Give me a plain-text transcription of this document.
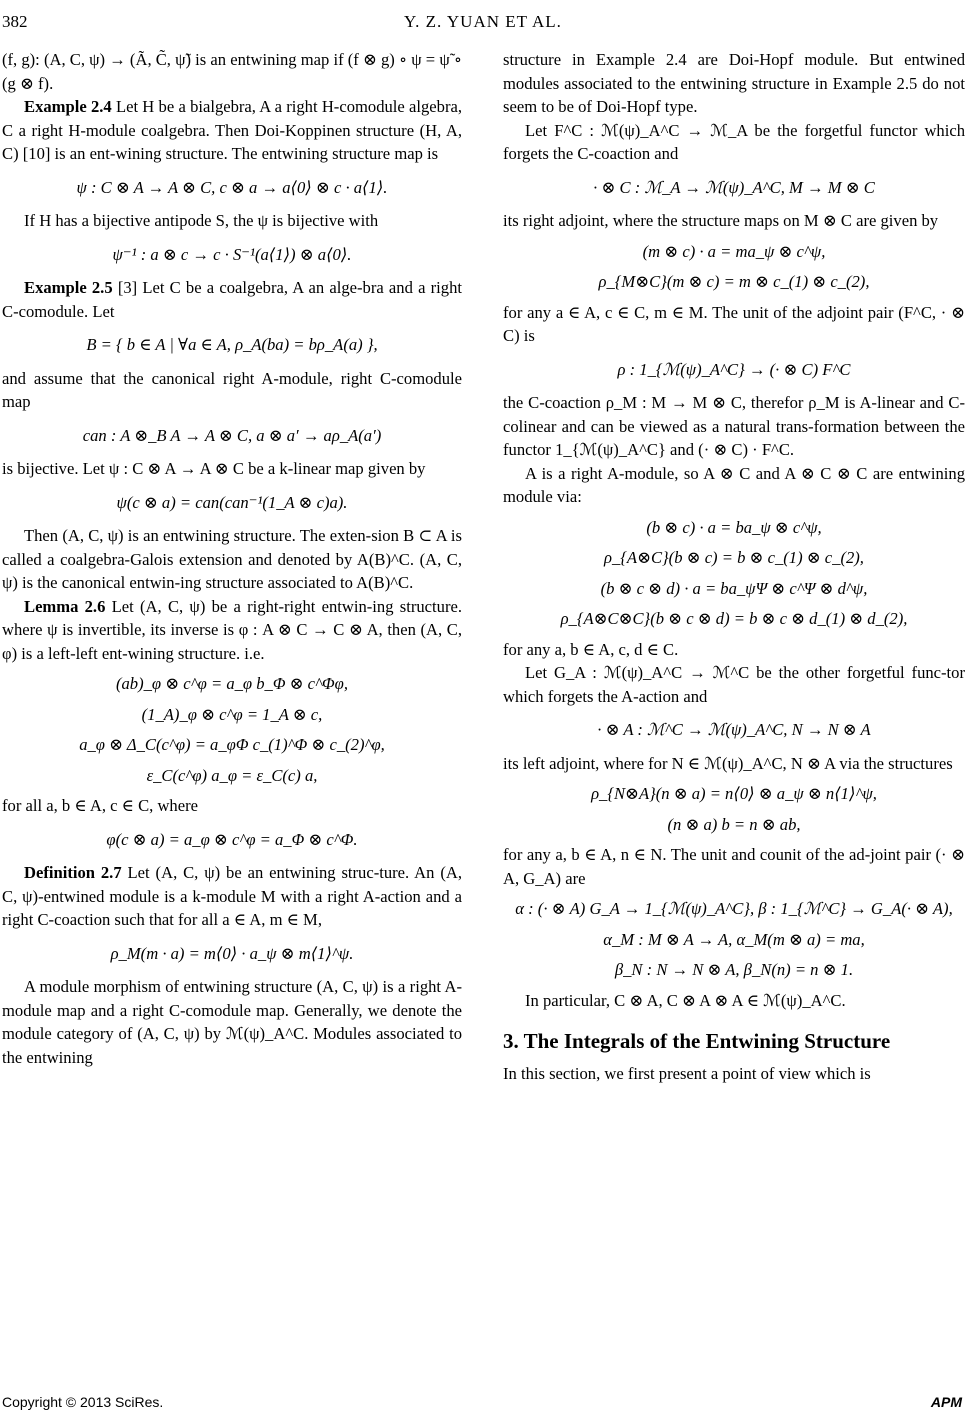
382	Y. Z. YUAN ET AL.

(f, g): (A, C, ψ) → (Ã, C̃, ψ̃) is an entwining map if (f ⊗ g) ∘ ψ = ψ̃ ∘ (g ⊗ f).

Example 2.4 Let H be a bialgebra, A a right H-comodule algebra, C a right H-module coalgebra. Then Doi-Koppinen structure (H, A, C) [10] is an ent-wining structure. The entwining structure map is

ψ : C ⊗ A → A ⊗ C, c ⊗ a → a⟨0⟩ ⊗ c · a⟨1⟩.

If H has a bijective antipode S, the ψ is bijective with

ψ⁻¹ : a ⊗ c → c · S⁻¹(a⟨1⟩) ⊗ a⟨0⟩.

Example 2.5 [3] Let C be a coalgebra, A an alge-bra and a right C-comodule. Let

B = { b ∈ A | ∀a ∈ A, ρ_A(ba) = bρ_A(a) },

and assume that the canonical right A-module, right C-comodule map

can : A ⊗_B A → A ⊗ C, a ⊗ a′ → aρ_A(a′)

is bijective. Let ψ : C ⊗ A → A ⊗ C be a k-linear map given by

ψ(c ⊗ a) = can(can⁻¹(1_A ⊗ c)a).

Then (A, C, ψ) is an entwining structure. The exten-sion B ⊂ A is called a coalgebra-Galois extension and denoted by A(B)^C. (A, C, ψ) is the canonical entwin-ing structure associated to A(B)^C.

Lemma 2.6 Let (A, C, ψ) be a right-right entwin-ing structure. where ψ is invertible, its inverse is φ : A ⊗ C → C ⊗ A, then (A, C, φ) is a left-left ent-wining structure. i.e.

(ab)_φ ⊗ c^φ = a_φ b_Φ ⊗ c^Φφ,
(1_A)_φ ⊗ c^φ = 1_A ⊗ c,
a_φ ⊗ Δ_C(c^φ) = a_φΦ c_(1)^Φ ⊗ c_(2)^φ,
ε_C(c^φ) a_φ = ε_C(c) a,

for all a, b ∈ A, c ∈ C, where

φ(c ⊗ a) = a_φ ⊗ c^φ = a_Φ ⊗ c^Φ.

Definition 2.7 Let (A, C, ψ) be an entwining struc-ture. An (A, C, ψ)-entwined module is a k-module M with a right A-action and a right C-coaction such that for all a ∈ A, m ∈ M,

ρ_M(m · a) = m⟨0⟩ · a_ψ ⊗ m⟨1⟩^ψ.

A module morphism of entwining structure (A, C, ψ) is a right A-module map and a right C-comodule map. Generally, we denote the module category of (A, C, ψ) by ℳ(ψ)_A^C. Modules associated to the entwining

structure in Example 2.4 are Doi-Hopf module. But entwined modules associated to the entwining structure in Example 2.5 do not seem to be of Doi-Hopf type.

Let F^C : ℳ(ψ)_A^C → ℳ_A be the forgetful functor which forgets the C-coaction and

· ⊗ C : ℳ_A → ℳ(ψ)_A^C, M → M ⊗ C

its right adjoint, where the structure maps on M ⊗ C are given by

(m ⊗ c) · a = ma_ψ ⊗ c^ψ,
ρ_{M⊗C}(m ⊗ c) = m ⊗ c_(1) ⊗ c_(2),

for any a ∈ A, c ∈ C, m ∈ M. The unit of the adjoint pair (F^C, · ⊗ C) is

ρ : 1_{ℳ(ψ)_A^C} → (· ⊗ C) F^C

the C-coaction ρ_M : M → M ⊗ C, therefor ρ_M is A-linear and C-colinear and can be viewed as a natural trans-formation between the functor 1_{ℳ(ψ)_A^C} and (· ⊗ C) · F^C.

A is a right A-module, so A ⊗ C and A ⊗ C ⊗ C are entwining module via:

(b ⊗ c) · a = ba_ψ ⊗ c^ψ,
ρ_{A⊗C}(b ⊗ c) = b ⊗ c_(1) ⊗ c_(2),
(b ⊗ c ⊗ d) · a = ba_ψΨ ⊗ c^Ψ ⊗ d^ψ,
ρ_{A⊗C⊗C}(b ⊗ c ⊗ d) = b ⊗ c ⊗ d_(1) ⊗ d_(2),

for any a, b ∈ A, c, d ∈ C.

Let G_A : ℳ(ψ)_A^C → ℳ^C be the other forgetful func-tor which forgets the A-action and

· ⊗ A : ℳ^C → ℳ(ψ)_A^C, N → N ⊗ A

its left adjoint, where for N ∈ ℳ(ψ)_A^C, N ⊗ A via the structures

ρ_{N⊗A}(n ⊗ a) = n⟨0⟩ ⊗ a_ψ ⊗ n⟨1⟩^ψ,
(n ⊗ a) b = n ⊗ ab,

for any a, b ∈ A, n ∈ N. The unit and counit of the ad-joint pair (· ⊗ A, G_A) are

α : (· ⊗ A) G_A → 1_{ℳ(ψ)_A^C}, β : 1_{ℳ^C} → G_A(· ⊗ A),
α_M : M ⊗ A → A, α_M(m ⊗ a) = ma,
β_N : N → N ⊗ A, β_N(n) = n ⊗ 1.

In particular, C ⊗ A, C ⊗ A ⊗ A ∈ ℳ(ψ)_A^C.

3. The Integrals of the Entwining Structure

In this section, we first present a point of view which is

Copyright © 2013 SciRes.	APM
